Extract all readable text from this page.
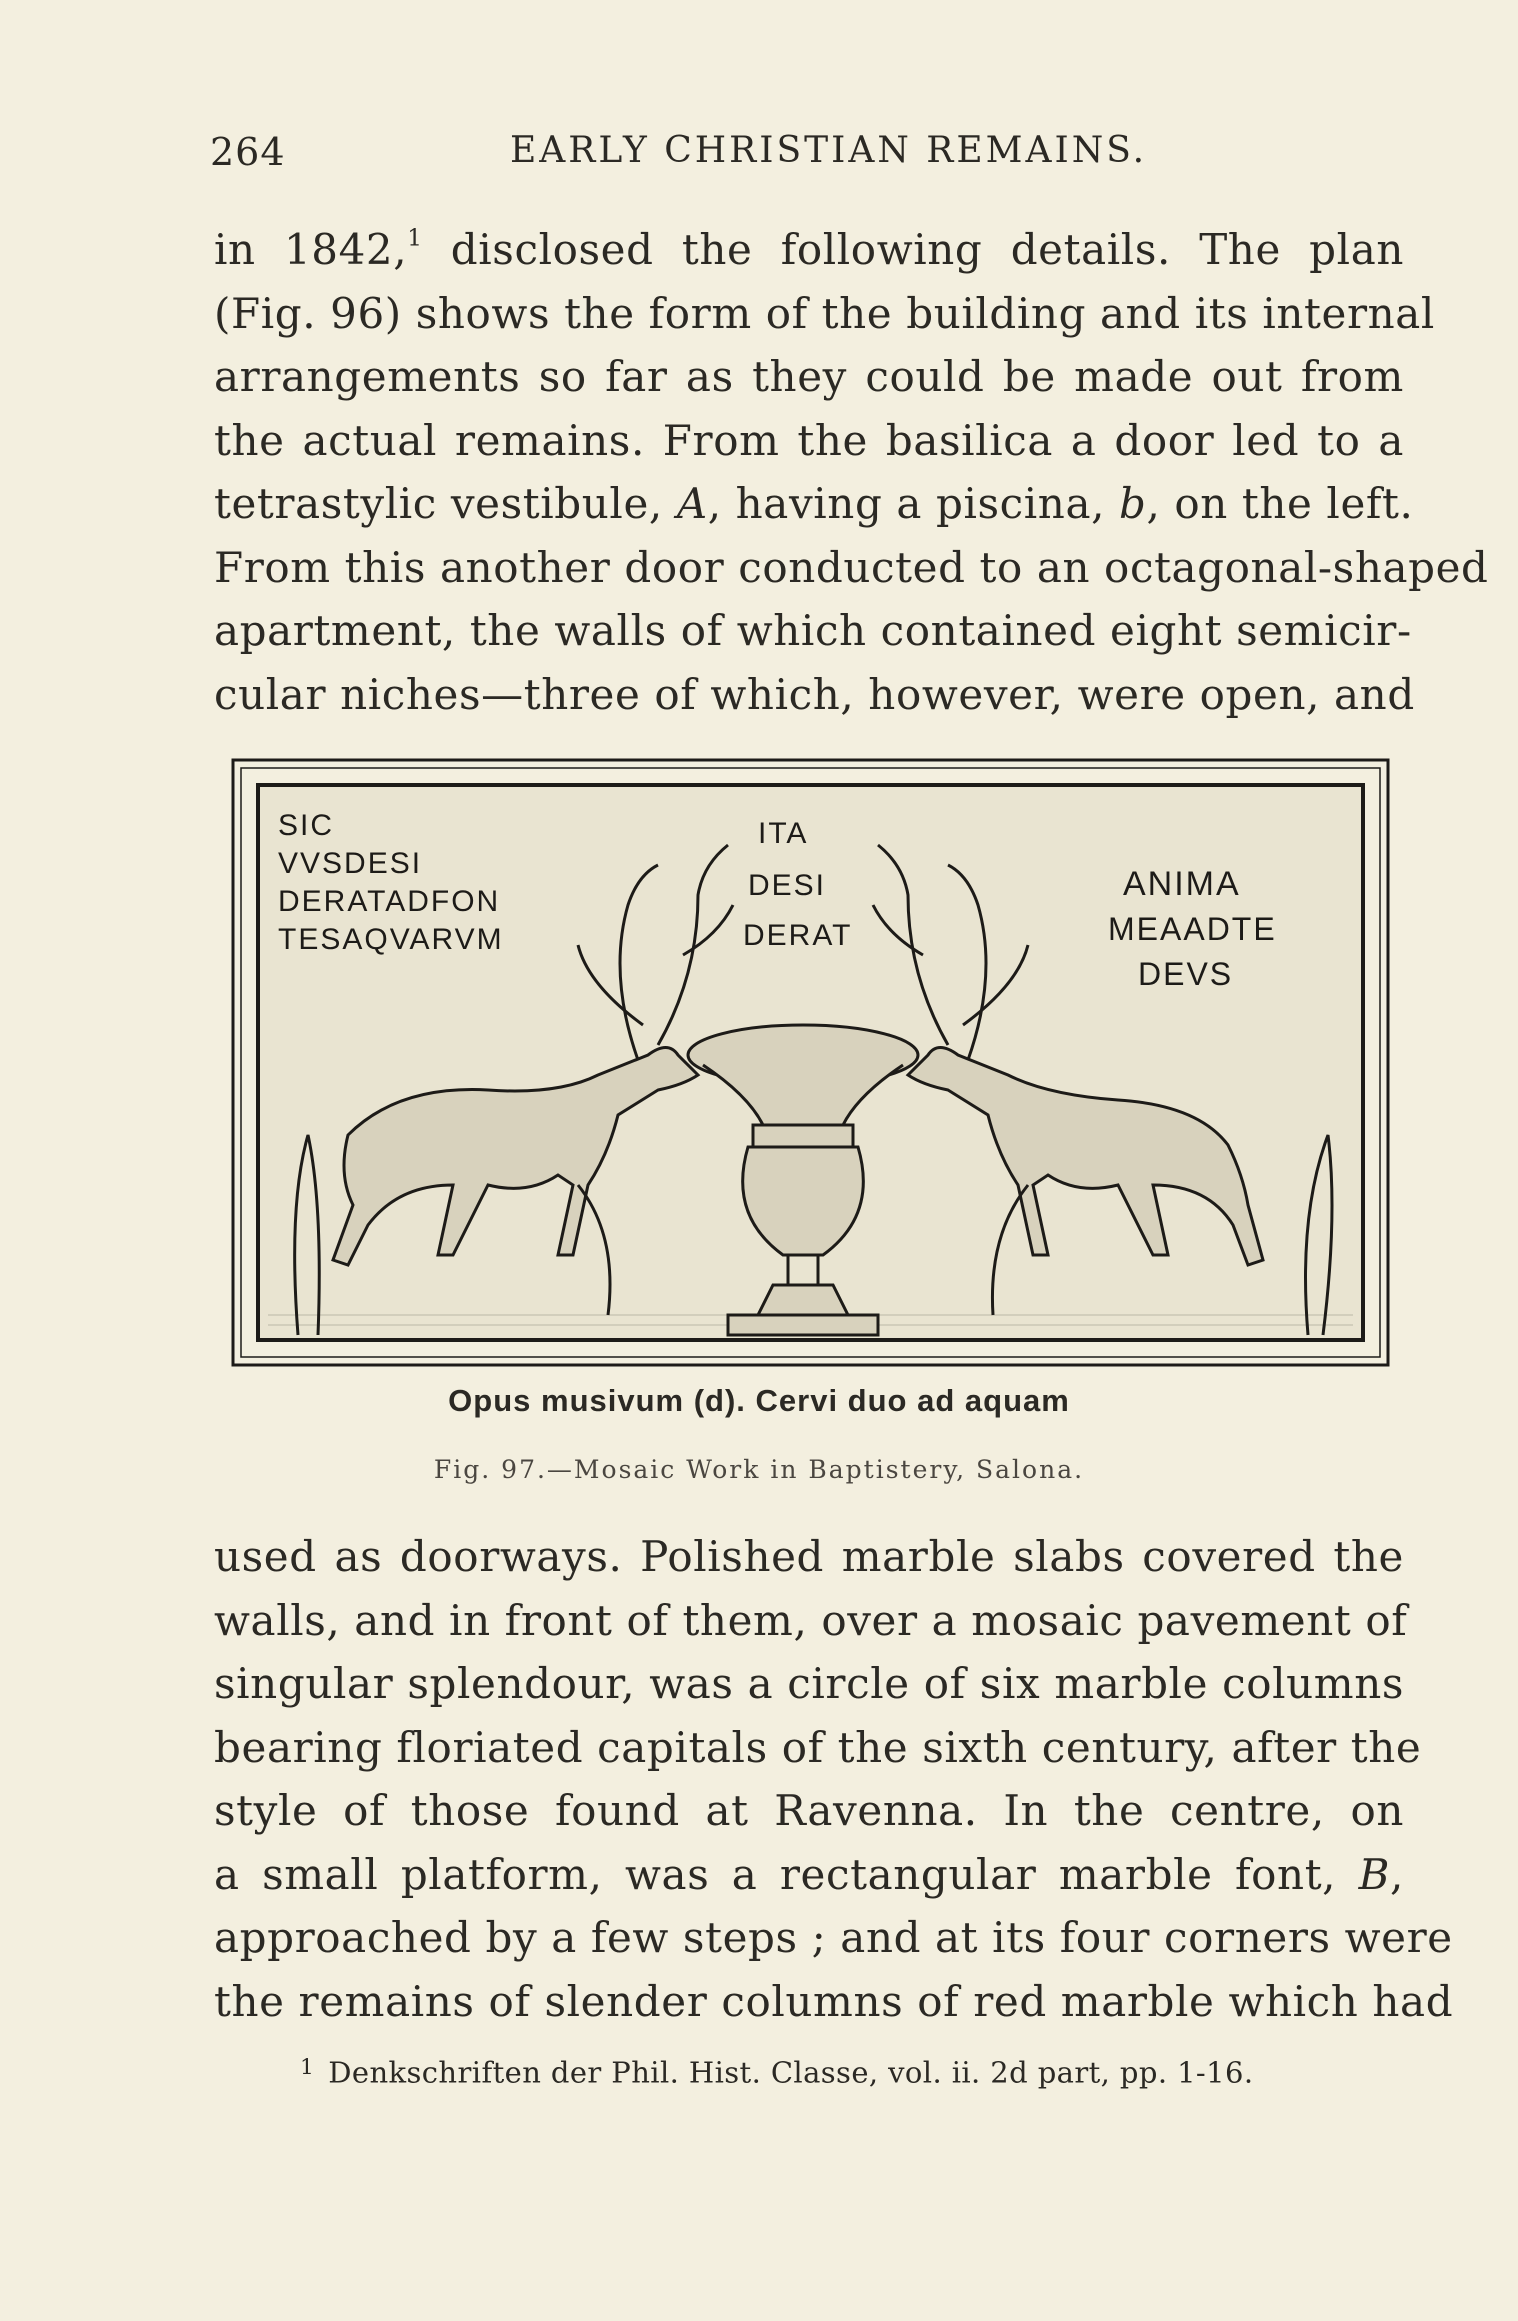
264	EARLY CHRISTIAN REMAINS.
in 1842,$^1$ disclosed the following details. The plan
(Fig. 96) shows the form of the building and its internal
arrangements so far as they could be made out from
the actual remains. From the basilica a door led to a
tetrastylic vestibule, A, having a piscina, b, on the left.
From this another door conducted to an octagonal-shaped
apartment, the walls of which contained eight semicir-
cular niches—three of which, however, were open, and
SIC
VVSDESI
DERATADFON
TESAQVARVM
ITA
DESI
DERAT
ANIMA
MEAADTE
DEVS
Opus musivum (d). Cervi duo ad aquam
Fig. 97.—Mosaic Work in Baptistery, Salona.
used as doorways. Polished marble slabs covered the
walls, and in front of them, over a mosaic pavement of
singular splendour, was a circle of six marble columns
bearing floriated capitals of the sixth century, after the
style of those found at Ravenna. In the centre, on
a small platform, was a rectangular marble font, B,
approached by a few steps ; and at its four corners were
the remains of slender columns of red marble which had
$^1$ Denkschriften der Phil. Hist. Classe, vol. ii. 2d part, pp. 1-16.
